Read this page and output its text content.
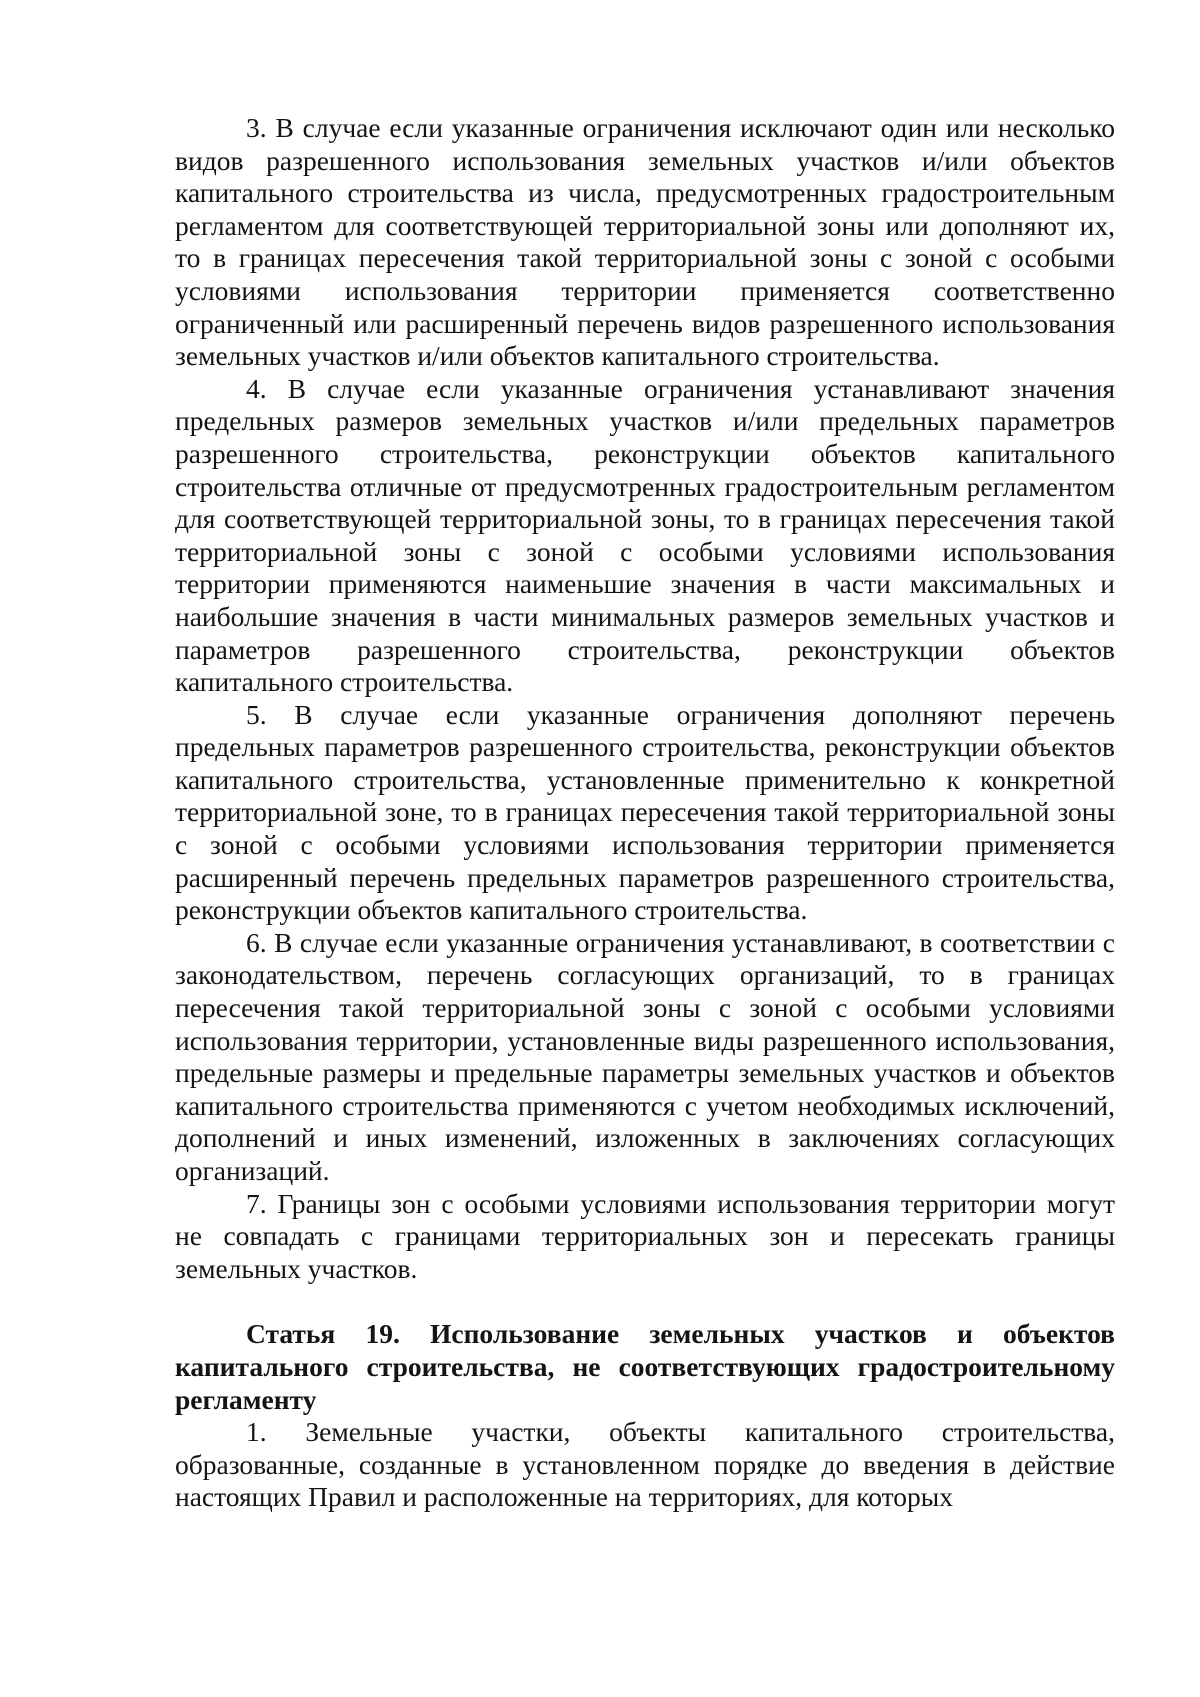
3. В случае если указанные ограничения исключают один или несколько видов разрешенного использования земельных участков и/или объектов капитального строительства из числа, предусмотренных градостроительным регламентом для соответствующей территориальной зоны или дополняют их, то в границах пересечения такой территориальной зоны с зоной с особыми условиями использования территории применяется соответственно ограниченный или расширенный перечень видов разрешенного использования земельных участков и/или объектов капитального строительства.

4. В случае если указанные ограничения устанавливают значения предельных размеров земельных участков и/или предельных параметров разрешенного строительства, реконструкции объектов капитального строительства отличные от предусмотренных градостроительным регламентом для соответствующей территориальной зоны, то в границах пересечения такой территориальной зоны с зоной с особыми условиями использования территории применяются наименьшие значения в части максимальных и наибольшие значения в части минимальных размеров земельных участков и параметров разрешенного строительства, реконструкции объектов капитального строительства.

5. В случае если указанные ограничения дополняют перечень предельных параметров разрешенного строительства, реконструкции объектов капитального строительства, установленные применительно к конкретной территориальной зоне, то в границах пересечения такой территориальной зоны с зоной с особыми условиями использования территории применяется расширенный перечень предельных параметров разрешенного строительства, реконструкции объектов капитального строительства.

6. В случае если указанные ограничения устанавливают, в соответствии с законодательством, перечень согласующих организаций, то в границах пересечения такой территориальной зоны с зоной с особыми условиями использования территории, установленные виды разрешенного использования, предельные размеры и предельные параметры земельных участков и объектов капитального строительства применяются с учетом необходимых исключений, дополнений и иных изменений, изложенных в заключениях согласующих организаций.

7. Границы зон с особыми условиями использования территории могут не совпадать с границами территориальных зон и пересекать границы земельных участков.

Статья 19. Использование земельных участков и объектов капитального строительства, не соответствующих градостроительному регламенту

1. Земельные участки, объекты капитального строительства, образованные, созданные в установленном порядке до введения в действие настоящих Правил и расположенные на территориях, для которых
